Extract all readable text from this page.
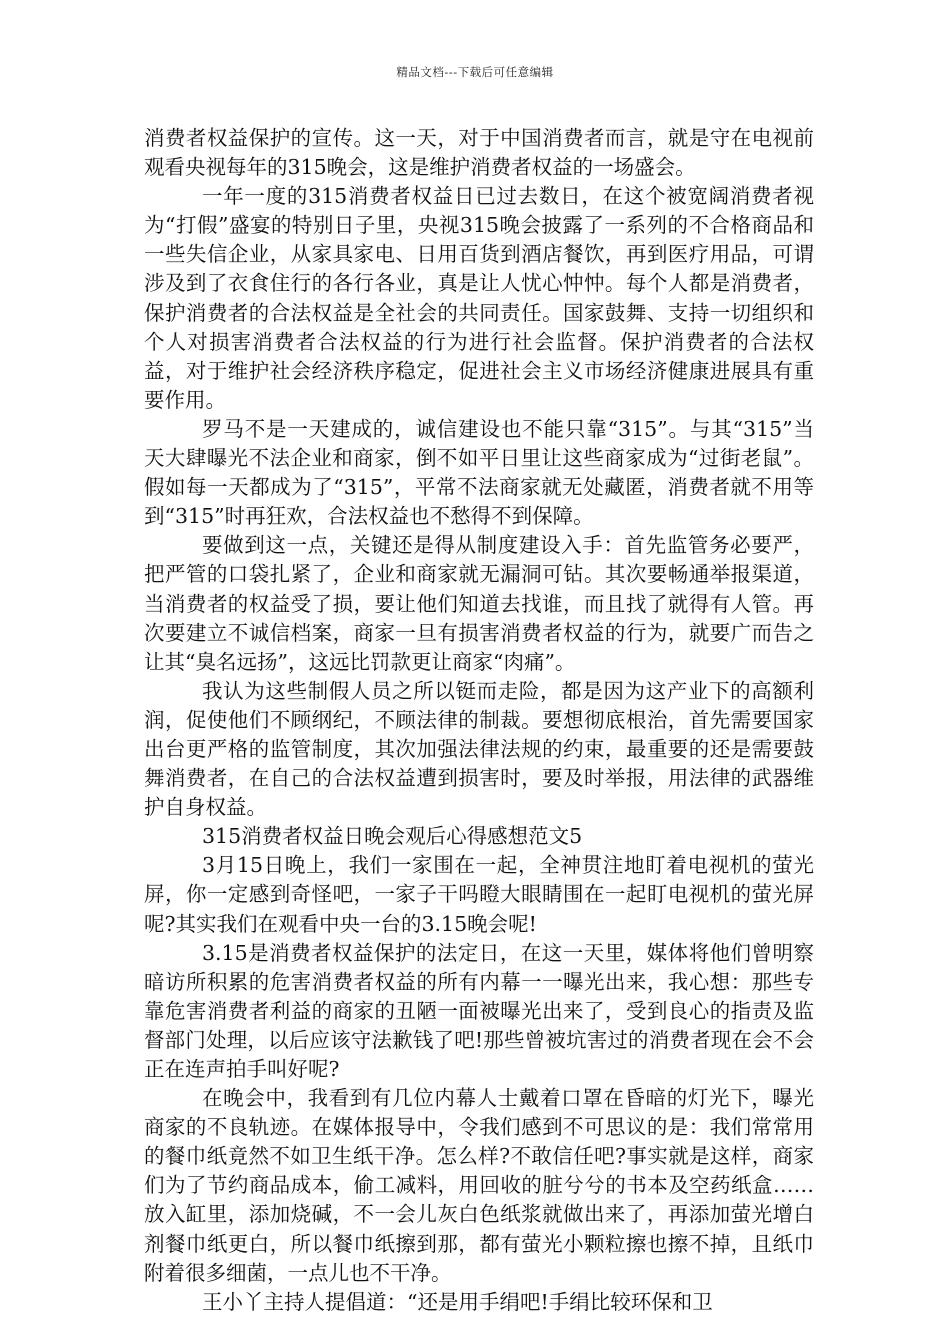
精品文档---下载后可任意编辑

消费者权益保护的宣传。这一天，对于中国消费者而言，就是守在电视前观看央视每年的315晚会，这是维护消费者权益的一场盛会。

一年一度的315消费者权益日已过去数日，在这个被宽阔消费者视为“打假”盛宴的特别日子里，央视315晚会披露了一系列的不合格商品和一些失信企业，从家具家电、日用百货到酒店餐饮，再到医疗用品，可谓涉及到了衣食住行的各行各业，真是让人忧心忡忡。每个人都是消费者，保护消费者的合法权益是全社会的共同责任。国家鼓舞、支持一切组织和个人对损害消费者合法权益的行为进行社会监督。保护消费者的合法权益，对于维护社会经济秩序稳定，促进社会主义市场经济健康进展具有重要作用。

罗马不是一天建成的，诚信建设也不能只靠“315”。与其“315”当天大肆曝光不法企业和商家，倒不如平日里让这些商家成为“过街老鼠”。假如每一天都成为了“315”，平常不法商家就无处藏匿，消费者就不用等到“315”时再狂欢，合法权益也不愁得不到保障。

要做到这一点，关键还是得从制度建设入手：首先监管务必要严，把严管的口袋扎紧了，企业和商家就无漏洞可钻。其次要畅通举报渠道，当消费者的权益受了损，要让他们知道去找谁，而且找了就得有人管。再次要建立不诚信档案，商家一旦有损害消费者权益的行为，就要广而告之让其“臭名远扬”，这远比罚款更让商家“肉痛”。

我认为这些制假人员之所以铤而走险，都是因为这产业下的高额利润，促使他们不顾纲纪，不顾法律的制裁。要想彻底根治，首先需要国家出台更严格的监管制度，其次加强法律法规的约束，最重要的还是需要鼓舞消费者，在自己的合法权益遭到损害时，要及时举报，用法律的武器维护自身权益。

315消费者权益日晚会观后心得感想范文5

3月15日晚上，我们一家围在一起，全神贯注地盯着电视机的萤光屏，你一定感到奇怪吧，一家子干吗瞪大眼睛围在一起盯电视机的萤光屏呢?其实我们在观看中央一台的3.15晚会呢!

3.15是消费者权益保护的法定日，在这一天里，媒体将他们曾明察暗访所积累的危害消费者权益的所有内幕一一曝光出来，我心想：那些专靠危害消费者利益的商家的丑陋一面被曝光出来了，受到良心的指责及监督部门处理，以后应该守法歉钱了吧!那些曾被坑害过的消费者现在会不会正在连声拍手叫好呢?

在晚会中，我看到有几位内幕人士戴着口罩在昏暗的灯光下，曝光商家的不良轨迹。在媒体报导中，令我们感到不可思议的是：我们常常用的餐巾纸竟然不如卫生纸干净。怎么样?不敢信任吧?事实就是这样，商家们为了节约商品成本，偷工减料，用回收的脏兮兮的书本及空药纸盒……放入缸里，添加烧碱，不一会儿灰白色纸浆就做出来了，再添加萤光增白剂餐巾纸更白，所以餐巾纸擦到那，都有萤光小颗粒擦也擦不掉，且纸巾附着很多细菌，一点儿也不干净。

王小丫主持人提倡道：“还是用手绢吧!手绢比较环保和卫
